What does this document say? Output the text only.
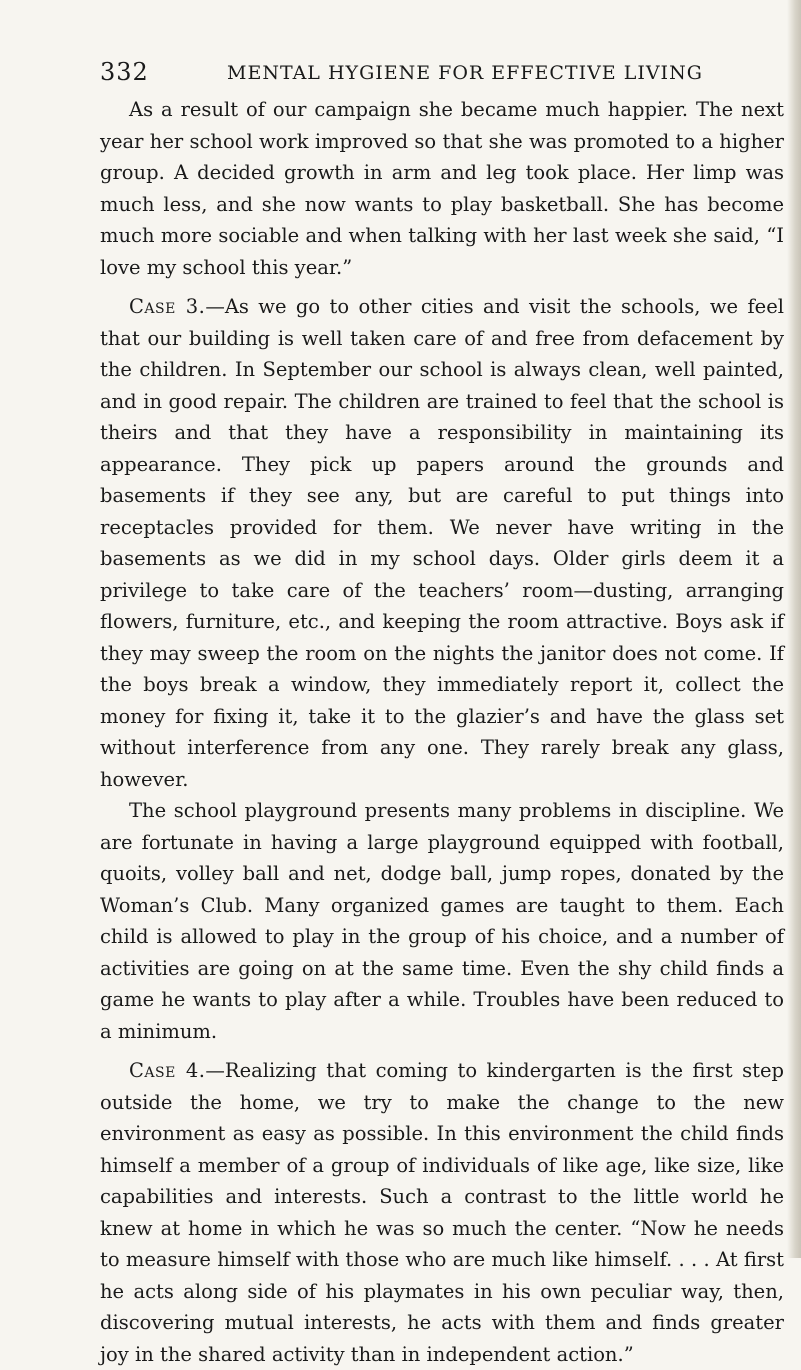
332	MENTAL HYGIENE FOR EFFECTIVE LIVING

As a result of our campaign she became much happier. The next year her school work improved so that she was promoted to a higher group. A decided growth in arm and leg took place. Her limp was much less, and she now wants to play basketball. She has become much more sociable and when talking with her last week she said, “I love my school this year.”

Case 3.—As we go to other cities and visit the schools, we feel that our building is well taken care of and free from defacement by the children. In September our school is always clean, well painted, and in good repair. The children are trained to feel that the school is theirs and that they have a responsibility in maintaining its appearance. They pick up papers around the grounds and basements if they see any, but are careful to put things into receptacles provided for them. We never have writing in the basements as we did in my school days. Older girls deem it a privilege to take care of the teachers’ room—dusting, arranging flowers, furniture, etc., and keeping the room attractive. Boys ask if they may sweep the room on the nights the janitor does not come. If the boys break a window, they immediately report it, collect the money for fixing it, take it to the glazier’s and have the glass set without interference from any one. They rarely break any glass, however.

The school playground presents many problems in discipline. We are fortunate in having a large playground equipped with football, quoits, volley ball and net, dodge ball, jump ropes, donated by the Woman’s Club. Many organized games are taught to them. Each child is allowed to play in the group of his choice, and a number of activities are going on at the same time. Even the shy child finds a game he wants to play after a while. Troubles have been reduced to a minimum.

Case 4.—Realizing that coming to kindergarten is the first step outside the home, we try to make the change to the new environment as easy as possible. In this environment the child finds himself a member of a group of individuals of like age, like size, like capabilities and interests. Such a contrast to the little world he knew at home in which he was so much the center. “Now he needs to measure himself with those who are much like himself. . . . At first he acts along side of his playmates in his own peculiar way, then, discovering mutual interests, he acts with them and finds greater joy in the shared activity than in independent action.”
